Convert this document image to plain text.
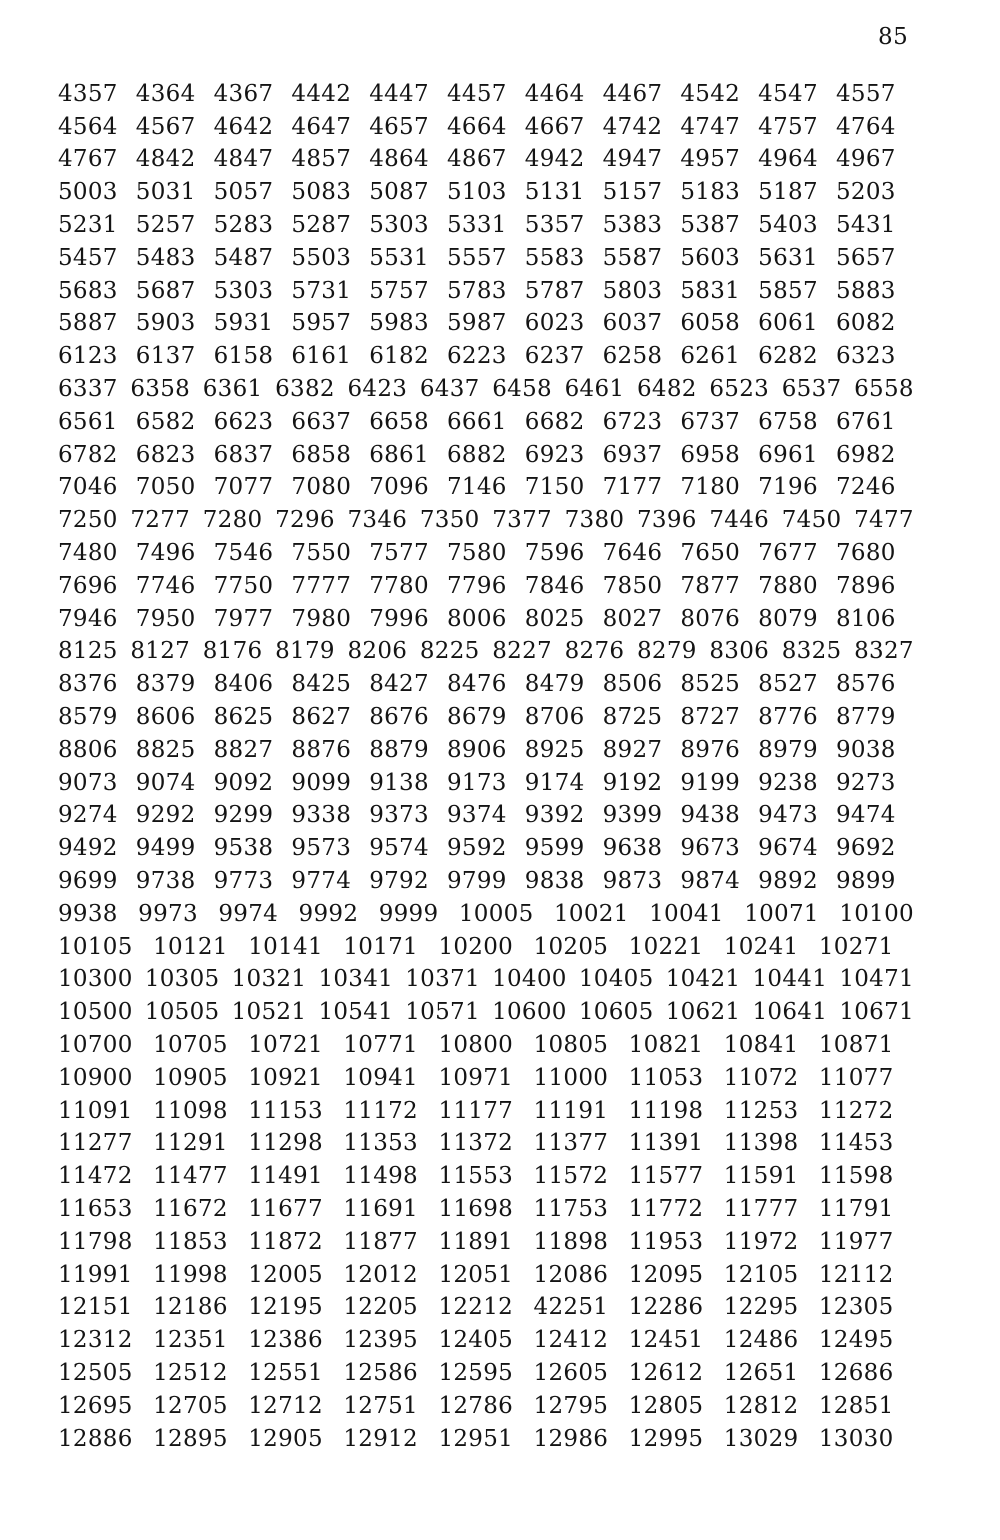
85
4357 4364 4367 4442 4447 4457 4464 4467 4542 4547 4557
4564 4567 4642 4647 4657 4664 4667 4742 4747 4757 4764
4767 4842 4847 4857 4864 4867 4942 4947 4957 4964 4967
5003 5031 5057 5083 5087 5103 5131 5157 5183 5187 5203
5231 5257 5283 5287 5303 5331 5357 5383 5387 5403 5431
5457 5483 5487 5503 5531 5557 5583 5587 5603 5631 5657
5683 5687 5303 5731 5757 5783 5787 5803 5831 5857 5883
5887 5903 5931 5957 5983 5987 6023 6037 6058 6061 6082
6123 6137 6158 6161 6182 6223 6237 6258 6261 6282 6323
6337 6358 6361 6382 6423 6437 6458 6461 6482 6523 6537 6558
6561 6582 6623 6637 6658 6661 6682 6723 6737 6758 6761
6782 6823 6837 6858 6861 6882 6923 6937 6958 6961 6982
7046 7050 7077 7080 7096 7146 7150 7177 7180 7196 7246
7250 7277 7280 7296 7346 7350 7377 7380 7396 7446 7450 7477
7480 7496 7546 7550 7577 7580 7596 7646 7650 7677 7680
7696 7746 7750 7777 7780 7796 7846 7850 7877 7880 7896
7946 7950 7977 7980 7996 8006 8025 8027 8076 8079 8106
8125 8127 8176 8179 8206 8225 8227 8276 8279 8306 8325 8327
8376 8379 8406 8425 8427 8476 8479 8506 8525 8527 8576
8579 8606 8625 8627 8676 8679 8706 8725 8727 8776 8779
8806 8825 8827 8876 8879 8906 8925 8927 8976 8979 9038
9073 9074 9092 9099 9138 9173 9174 9192 9199 9238 9273
9274 9292 9299 9338 9373 9374 9392 9399 9438 9473 9474
9492 9499 9538 9573 9574 9592 9599 9638 9673 9674 9692
9699 9738 9773 9774 9792 9799 9838 9873 9874 9892 9899
9938 9973 9974 9992 9999 10005 10021 10041 10071 10100
10105 10121 10141 10171 10200 10205 10221 10241 10271
10300 10305 10321 10341 10371 10400 10405 10421 10441 10471
10500 10505 10521 10541 10571 10600 10605 10621 10641 10671
10700 10705 10721 10771 10800 10805 10821 10841 10871
10900 10905 10921 10941 10971 11000 11053 11072 11077
11091 11098 11153 11172 11177 11191 11198 11253 11272
11277 11291 11298 11353 11372 11377 11391 11398 11453
11472 11477 11491 11498 11553 11572 11577 11591 11598
11653 11672 11677 11691 11698 11753 11772 11777 11791
11798 11853 11872 11877 11891 11898 11953 11972 11977
11991 11998 12005 12012 12051 12086 12095 12105 12112
12151 12186 12195 12205 12212 42251 12286 12295 12305
12312 12351 12386 12395 12405 12412 12451 12486 12495
12505 12512 12551 12586 12595 12605 12612 12651 12686
12695 12705 12712 12751 12786 12795 12805 12812 12851
12886 12895 12905 12912 12951 12986 12995 13029 13030
